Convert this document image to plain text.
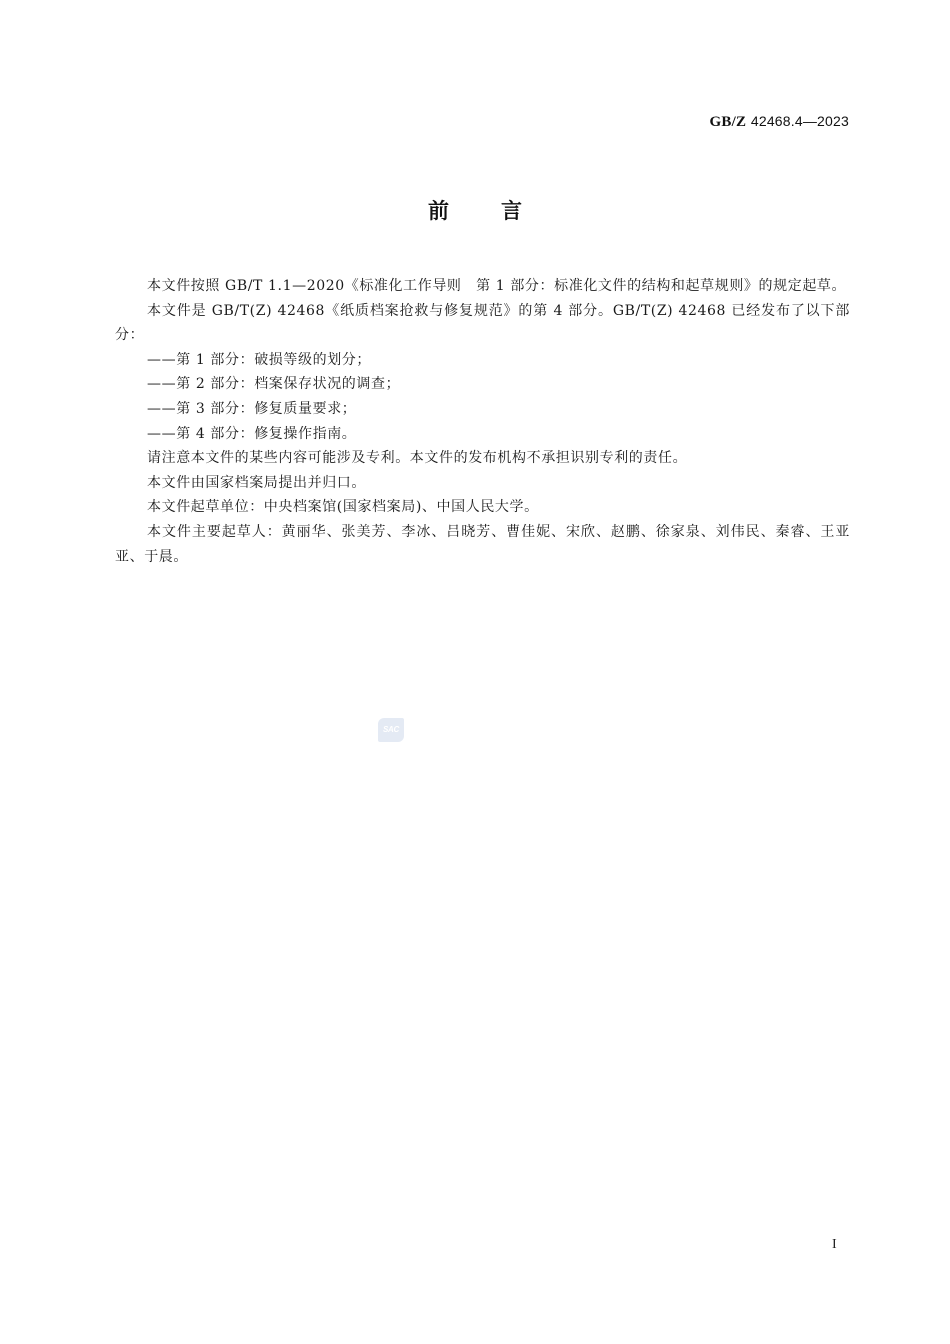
GB/Z 42468.4—2023
前言

本文件按照 GB/T 1.1—2020《标准化工作导则　第 1 部分：标准化文件的结构和起草规则》的规定起草。

本文件是 GB/T(Z) 42468《纸质档案抢救与修复规范》的第 4 部分。GB/T(Z) 42468 已经发布了以下部分：

——第 1 部分：破损等级的划分；

——第 2 部分：档案保存状况的调查；

——第 3 部分：修复质量要求；

——第 4 部分：修复操作指南。

请注意本文件的某些内容可能涉及专利。本文件的发布机构不承担识别专利的责任。

本文件由国家档案局提出并归口。

本文件起草单位：中央档案馆(国家档案局)、中国人民大学。

本文件主要起草人：黄丽华、张美芳、李冰、吕晓芳、曹佳妮、宋欣、赵鹏、徐家泉、刘伟民、秦睿、王亚亚、于晨。

SAC
I
